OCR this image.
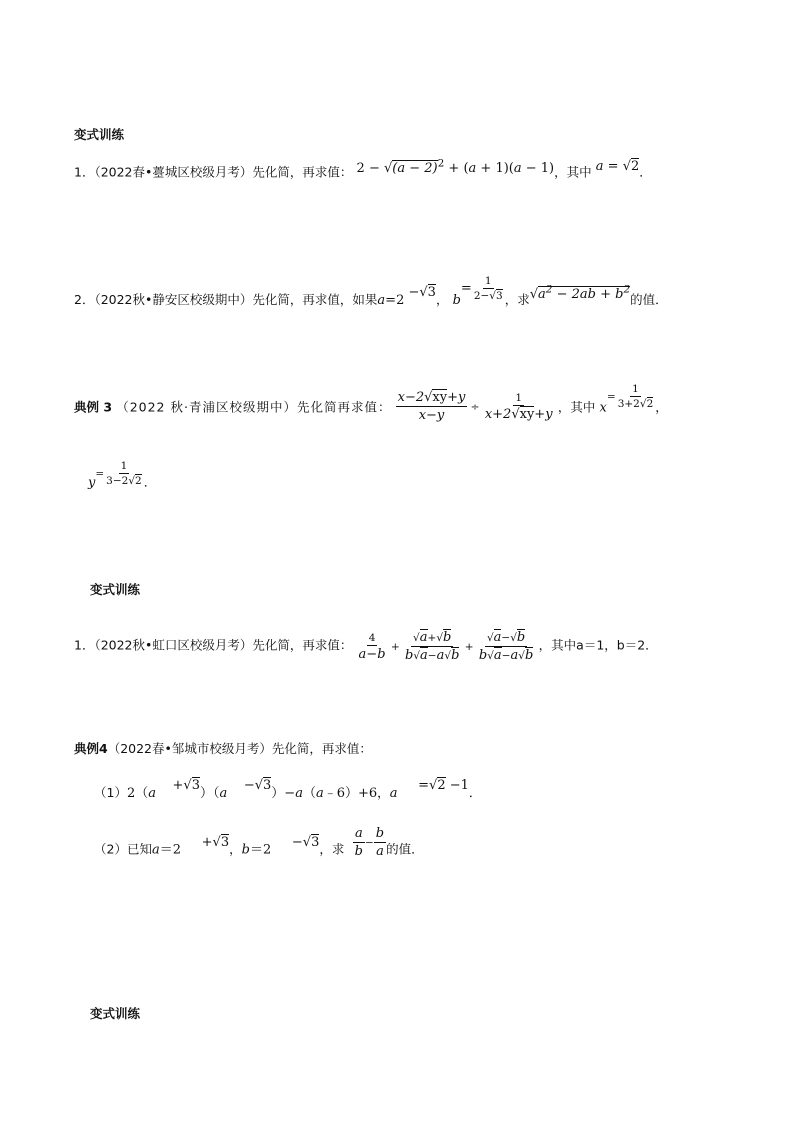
变式训练
1．（2022春•薹城区校级月考）先化简，再求值： $2 - √(a - 2)^2 + (a + 1)(a - 1)$，其中 a = √2．
2．（2022秋•静安区校级期中）先化简，再求值，如果a=2 −√3， $b= \frac{1}{2-√3}$ ，求$√a^2 - 2ab + b^2$的值．
典例 3 （2022 秋·青浦区校级期中）先化简再求值： $\frac{x-2√xy+y}{x-y} \div \frac{1}{x+2√xy+y}$ ，其中 $x^{= \frac{1}{3+2√2}}$ ，
$y^{= \frac{1}{3-2√2}}$ ．
变式训练
1．（2022秋•虹口区校级月考）先化简，再求值： $\frac{4}{a-b} + \frac{√a+√b}{b√a-a√b} + \frac{√a-√b}{b√a-a√b}$ ，其中a＝1，b＝2．
典例4（2022春•邹城市校级月考）先化简，再求值：
（1）2（a    +√3）（a    −√3）−a（a﹣6）+6，a     =√2 −1．
（2）已知a＝2     +√3，b＝2     −√3，求 $^{\frac{a}{b} - \frac{b}{a}}$ 的值．
变式训练
